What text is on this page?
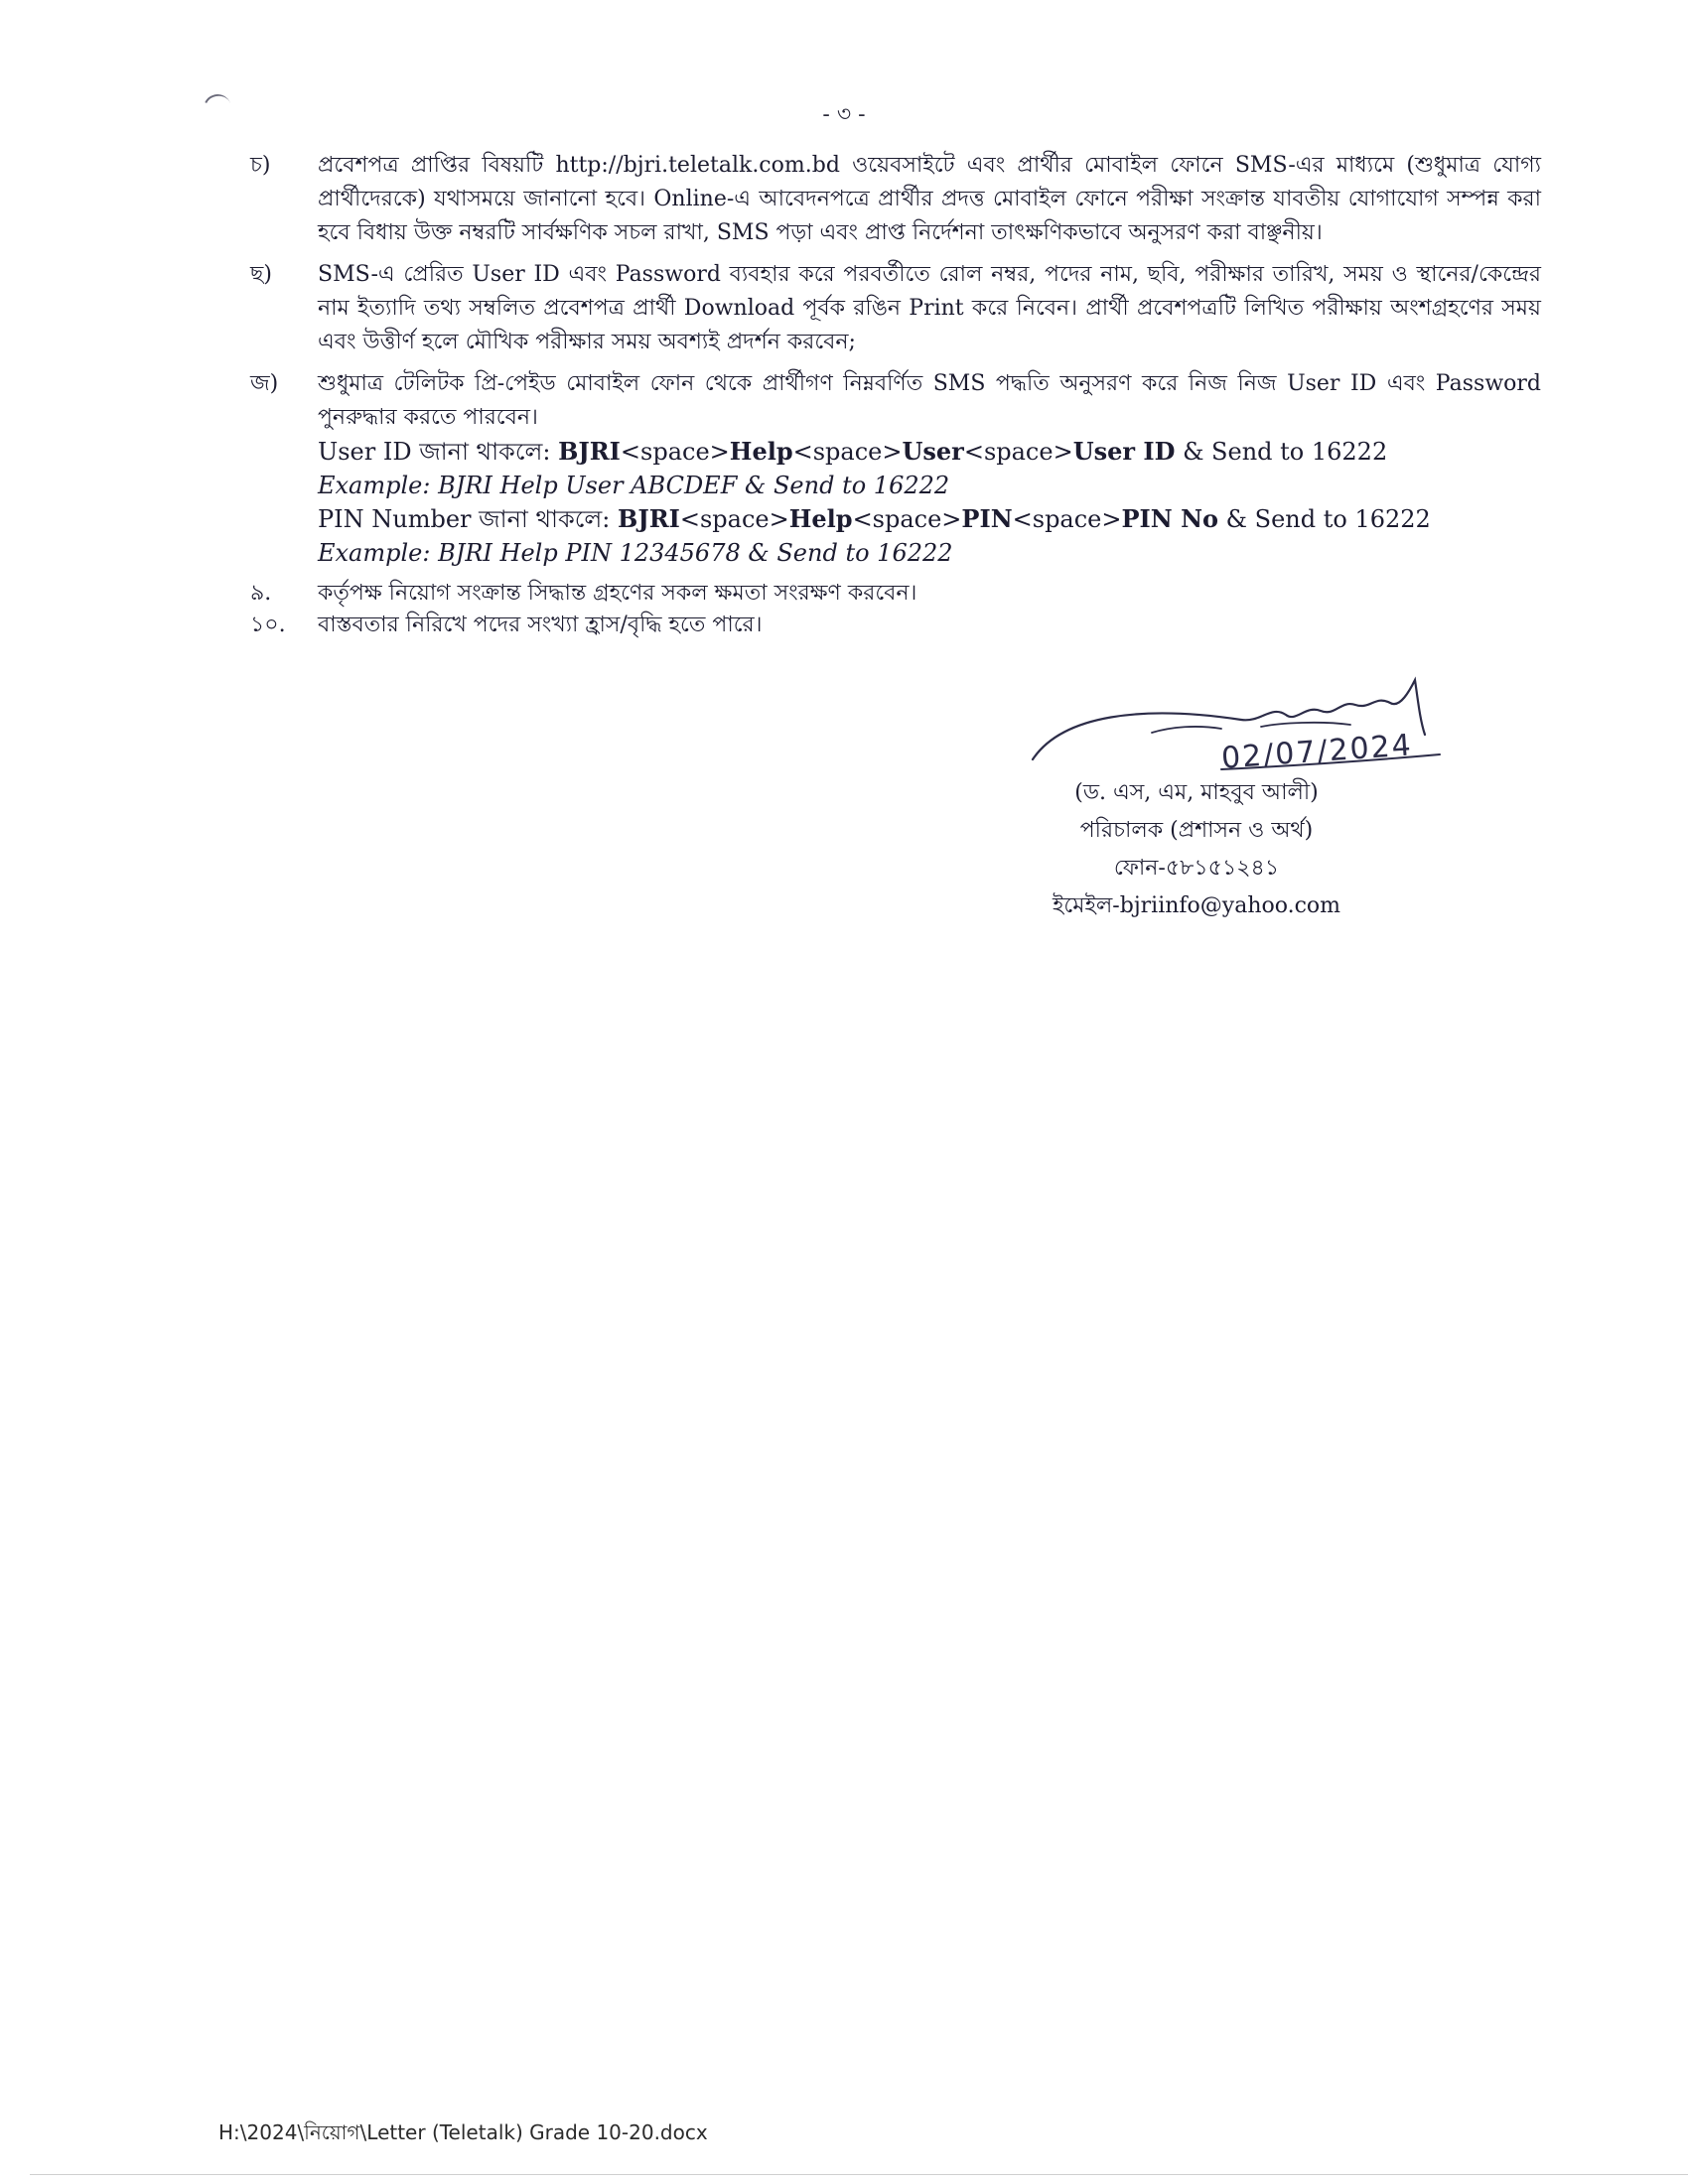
- ৩ -
চ) প্রবেশপত্র প্রাপ্তির বিষয়টি http://bjri.teletalk.com.bd ওয়েবসাইটে এবং প্রার্থীর মোবাইল ফোনে SMS-এর মাধ্যমে (শুধুমাত্র যোগ্য প্রার্থীদেরকে) যথাসময়ে জানানো হবে। Online-এ আবেদনপত্রে প্রার্থীর প্রদত্ত মোবাইল ফোনে পরীক্ষা সংক্রান্ত যাবতীয় যোগাযোগ সম্পন্ন করা হবে বিধায় উক্ত নম্বরটি সার্বক্ষণিক সচল রাখা, SMS পড়া এবং প্রাপ্ত নির্দেশনা তাৎক্ষণিকভাবে অনুসরণ করা বাঞ্ছনীয়।

ছ) SMS-এ প্রেরিত User ID এবং Password ব্যবহার করে পরবর্তীতে রোল নম্বর, পদের নাম, ছবি, পরীক্ষার তারিখ, সময় ও স্থানের/কেন্দ্রের নাম ইত্যাদি তথ্য সম্বলিত প্রবেশপত্র প্রার্থী Download পূর্বক রঙিন Print করে নিবেন। প্রার্থী প্রবেশপত্রটি লিখিত পরীক্ষায় অংশগ্রহণের সময় এবং উত্তীর্ণ হলে মৌখিক পরীক্ষার সময় অবশ্যই প্রদর্শন করবেন;

জ) শুধুমাত্র টেলিটক প্রি-পেইড মোবাইল ফোন থেকে প্রার্থীগণ নিম্নবর্ণিত SMS পদ্ধতি অনুসরণ করে নিজ নিজ User ID এবং Password পুনরুদ্ধার করতে পারবেন।

User ID জানা থাকলে: BJRI<space>Help<space>User<space>User ID & Send to 16222

Example: BJRI Help User ABCDEF & Send to 16222

PIN Number জানা থাকলে: BJRI<space>Help<space>PIN<space>PIN No & Send to 16222

Example: BJRI Help PIN 12345678 & Send to 16222

৯. কর্তৃপক্ষ নিয়োগ সংক্রান্ত সিদ্ধান্ত গ্রহণের সকল ক্ষমতা সংরক্ষণ করবেন।

১০. বাস্তবতার নিরিখে পদের সংখ্যা হ্রাস/বৃদ্ধি হতে পারে।

02/07/2024

(ড. এস, এম, মাহবুব আলী)

পরিচালক (প্রশাসন ও অর্থ)

ফোন-৫৮১৫১২৪১

ইমেইল-bjriinfo@yahoo.com

H:\2024\নিয়োগ\Letter (Teletalk) Grade 10-20.docx
